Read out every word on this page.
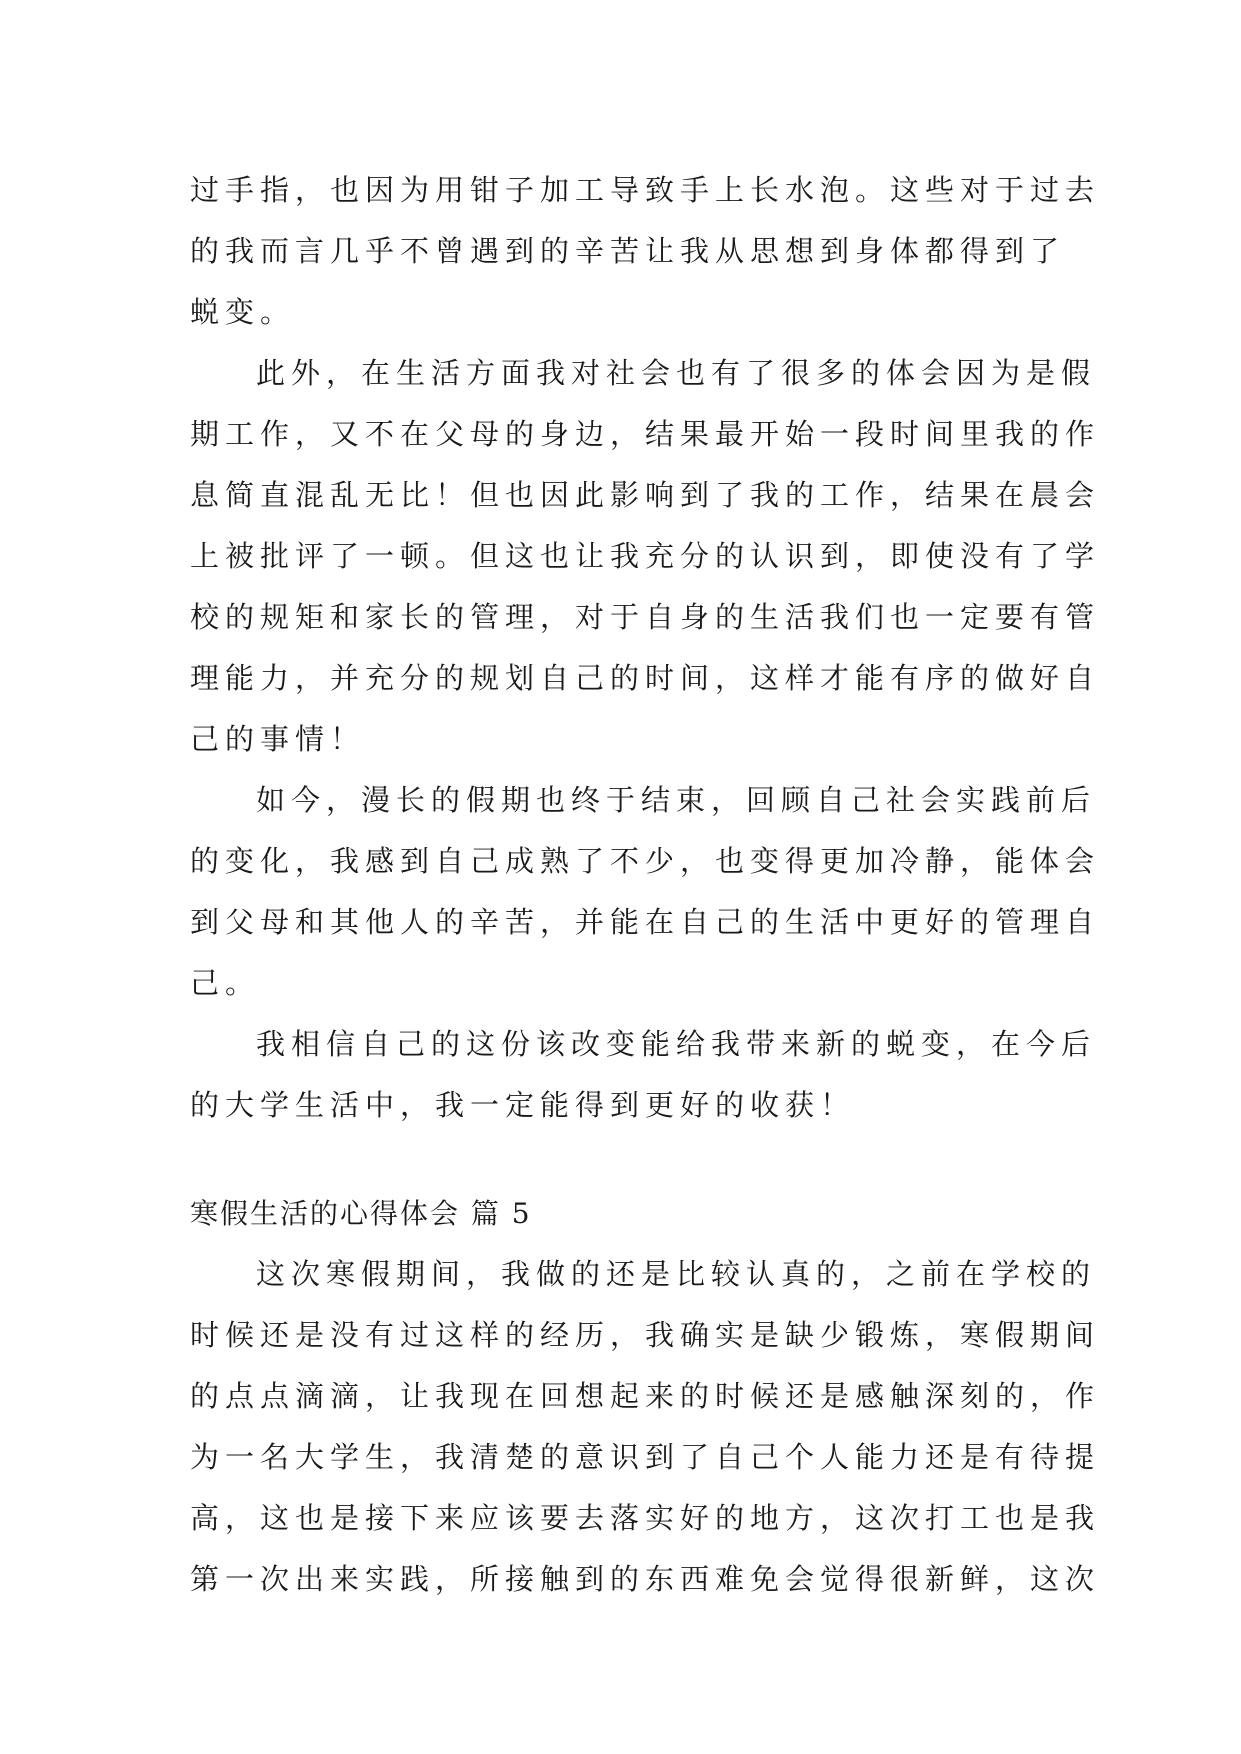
过手指，也因为用钳子加工导致手上长水泡。这些对于过去
的我而言几乎不曾遇到的辛苦让我从思想到身体都得到了
蜕变。
此外，在生活方面我对社会也有了很多的体会因为是假
期工作，又不在父母的身边，结果最开始一段时间里我的作
息简直混乱无比！但也因此影响到了我的工作，结果在晨会
上被批评了一顿。但这也让我充分的认识到，即使没有了学
校的规矩和家长的管理，对于自身的生活我们也一定要有管
理能力，并充分的规划自己的时间，这样才能有序的做好自
己的事情！
如今，漫长的假期也终于结束，回顾自己社会实践前后
的变化，我感到自己成熟了不少，也变得更加冷静，能体会
到父母和其他人的辛苦，并能在自己的生活中更好的管理自
己。
我相信自己的这份该改变能给我带来新的蜕变，在今后
的大学生活中，我一定能得到更好的收获！
寒假生活的心得体会 篇 5
这次寒假期间，我做的还是比较认真的，之前在学校的
时候还是没有过这样的经历，我确实是缺少锻炼，寒假期间
的点点滴滴，让我现在回想起来的时候还是感触深刻的，作
为一名大学生，我清楚的意识到了自己个人能力还是有待提
高，这也是接下来应该要去落实好的地方，这次打工也是我
第一次出来实践，所接触到的东西难免会觉得很新鲜，这次
